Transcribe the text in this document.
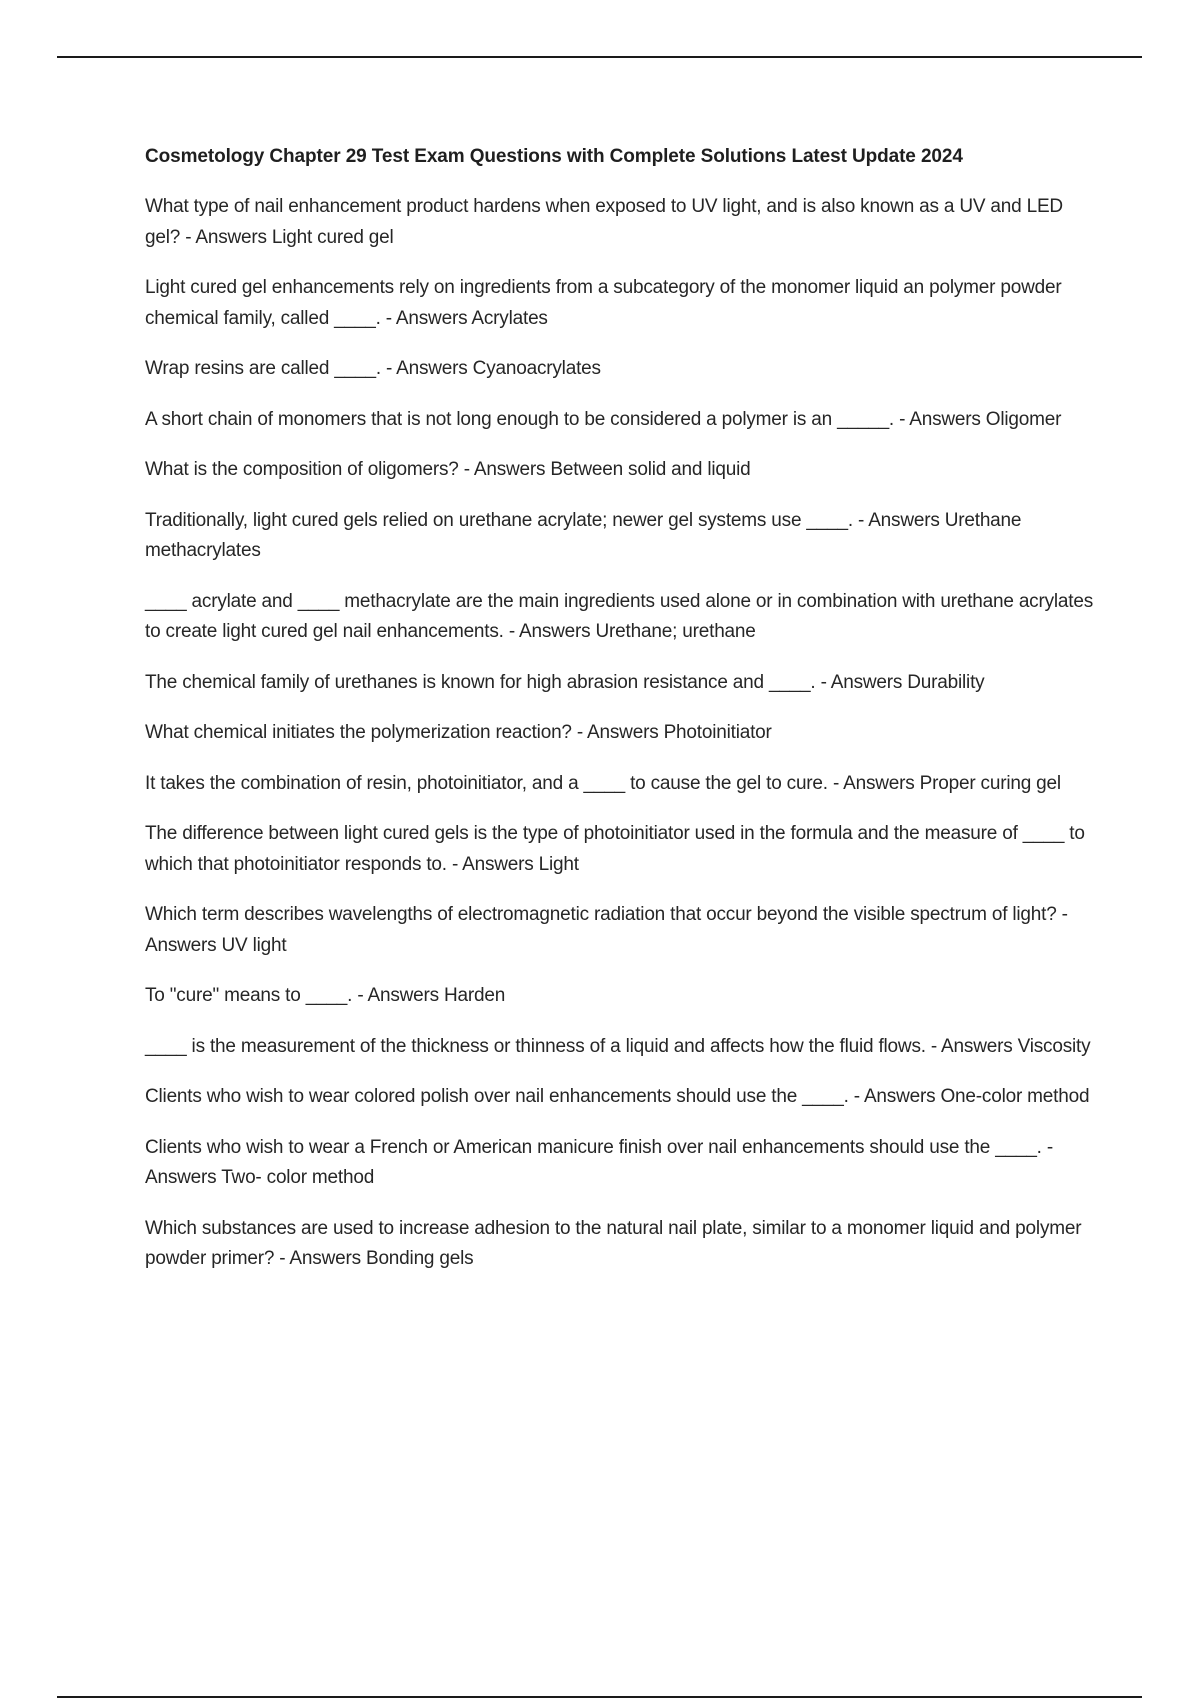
Cosmetology Chapter 29 Test Exam Questions with Complete Solutions Latest Update 2024

What type of nail enhancement product hardens when exposed to UV light, and is also known as a UV and LED gel? - Answers Light cured gel

Light cured gel enhancements rely on ingredients from a subcategory of the monomer liquid an polymer powder chemical family, called ____. - Answers Acrylates

Wrap resins are called ____. - Answers Cyanoacrylates

A short chain of monomers that is not long enough to be considered a polymer is an _____. - Answers Oligomer

What is the composition of oligomers? - Answers Between solid and liquid

Traditionally, light cured gels relied on urethane acrylate; newer gel systems use ____. - Answers Urethane methacrylates

____ acrylate and ____ methacrylate are the main ingredients used alone or in combination with urethane acrylates to create light cured gel nail enhancements. - Answers Urethane; urethane

The chemical family of urethanes is known for high abrasion resistance and ____. - Answers Durability

What chemical initiates the polymerization reaction? - Answers Photoinitiator

It takes the combination of resin, photoinitiator, and a ____ to cause the gel to cure. - Answers Proper curing gel

The difference between light cured gels is the type of photoinitiator used in the formula and the measure of ____ to which that photoinitiator responds to. - Answers Light

Which term describes wavelengths of electromagnetic radiation that occur beyond the visible spectrum of light? - Answers UV light

To "cure" means to ____. - Answers Harden

____ is the measurement of the thickness or thinness of a liquid and affects how the fluid flows. - Answers Viscosity

Clients who wish to wear colored polish over nail enhancements should use the ____. - Answers One-color method

Clients who wish to wear a French or American manicure finish over nail enhancements should use the ____. - Answers Two- color method

Which substances are used to increase adhesion to the natural nail plate, similar to a monomer liquid and polymer powder primer? - Answers Bonding gels
